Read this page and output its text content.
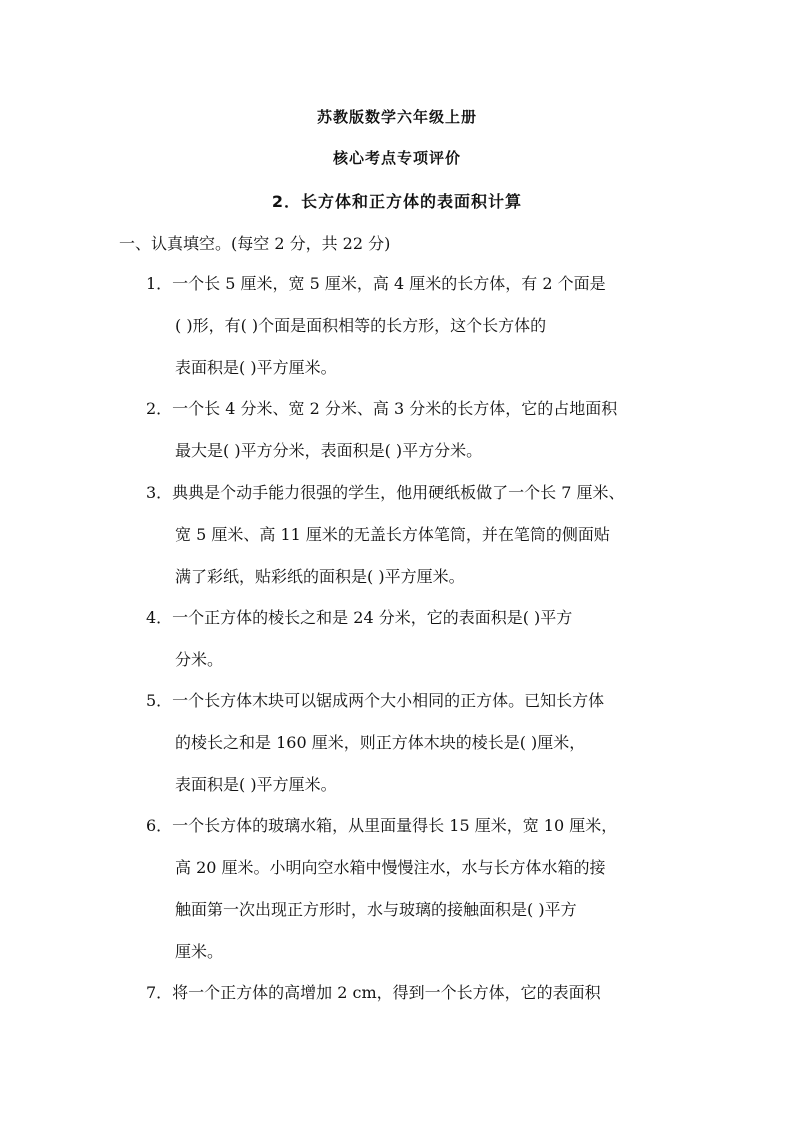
苏教版数学六年级上册
核心考点专项评价
2．长方体和正方体的表面积计算
一、认真填空。(每空 2 分，共 22 分)
1．一个长 5 厘米，宽 5 厘米，高 4 厘米的长方体，有 2 个面是
( )形，有( )个面是面积相等的长方形，这个长方体的
表面积是( )平方厘米。
2．一个长 4 分米、宽 2 分米、高 3 分米的长方体，它的占地面积
最大是( )平方分米，表面积是( )平方分米。
3．典典是个动手能力很强的学生，他用硬纸板做了一个长 7 厘米、
宽 5 厘米、高 11 厘米的无盖长方体笔筒，并在笔筒的侧面贴
满了彩纸，贴彩纸的面积是( )平方厘米。
4．一个正方体的棱长之和是 24 分米，它的表面积是( )平方
分米。
5．一个长方体木块可以锯成两个大小相同的正方体。已知长方体
的棱长之和是 160 厘米，则正方体木块的棱长是( )厘米，
表面积是( )平方厘米。
6．一个长方体的玻璃水箱，从里面量得长 15 厘米，宽 10 厘米，
高 20 厘米。小明向空水箱中慢慢注水，水与长方体水箱的接
触面第一次出现正方形时，水与玻璃的接触面积是( )平方
厘米。
7．将一个正方体的高增加 2 cm，得到一个长方体，它的表面积
